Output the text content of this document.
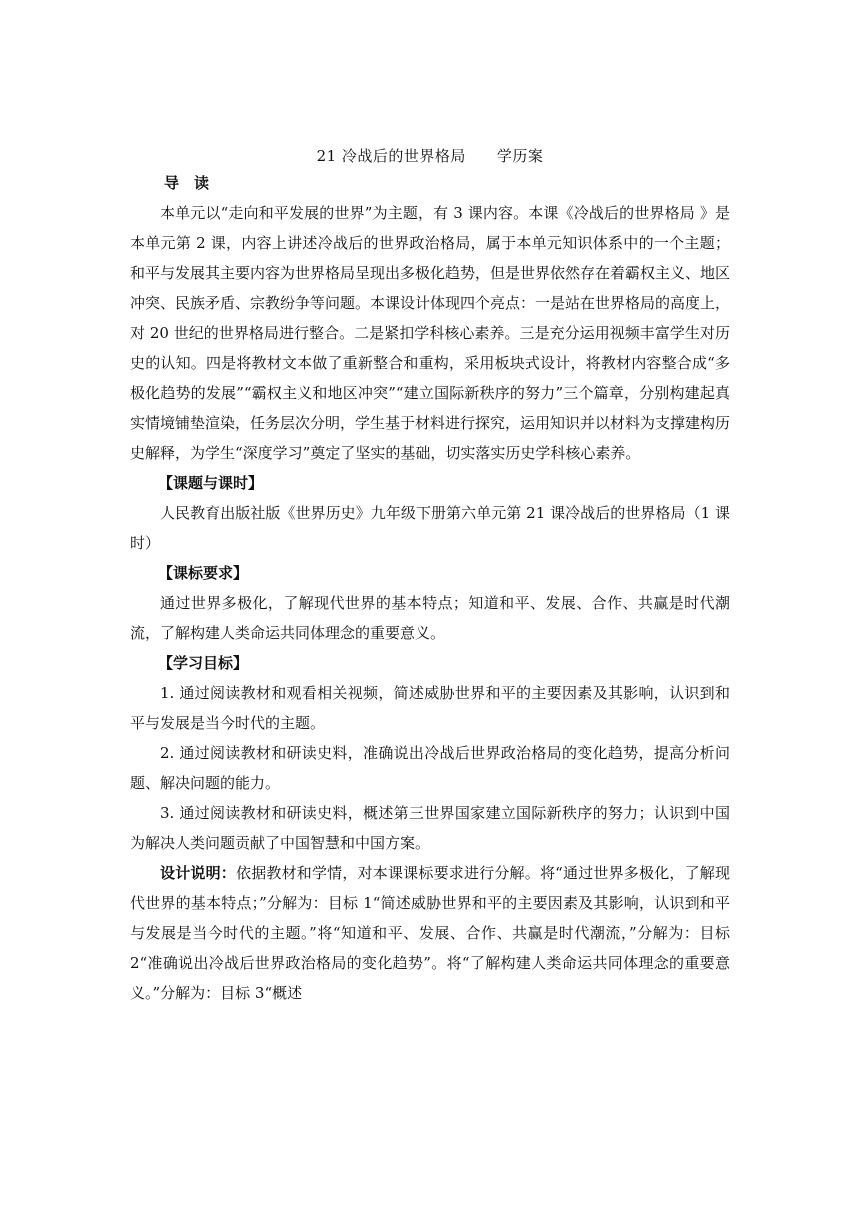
21 冷战后的世界格局　　学历案
导　读

本单元以“走向和平发展的世界”为主题，有 3 课内容。本课《冷战后的世界格局 》是本单元第 2 课，内容上讲述冷战后的世界政治格局，属于本单元知识体系中的一个主题；和平与发展其主要内容为世界格局呈现出多极化趋势，但是世界依然存在着霸权主义、地区冲突、民族矛盾、宗教纷争等问题。本课设计体现四个亮点：一是站在世界格局的高度上，对 20 世纪的世界格局进行整合。二是紧扣学科核心素养。三是充分运用视频丰富学生对历史的认知。四是将教材文本做了重新整合和重构，采用板块式设计，将教材内容整合成“多极化趋势的发展”“霸权主义和地区冲突”“建立国际新秩序的努力”三个篇章，分别构建起真实情境铺垫渲染，任务层次分明，学生基于材料进行探究，运用知识并以材料为支撑建构历史解释，为学生“深度学习”奠定了坚实的基础，切实落实历史学科核心素养。

【课题与课时】

人民教育出版社版《世界历史》九年级下册第六单元第 21 课冷战后的世界格局（1 课时）

【课标要求】

通过世界多极化，了解现代世界的基本特点；知道和平、发展、合作、共赢是时代潮流，了解构建人类命运共同体理念的重要意义。

【学习目标】

1. 通过阅读教材和观看相关视频，简述威胁世界和平的主要因素及其影响，认识到和平与发展是当今时代的主题。

2. 通过阅读教材和研读史料，准确说出冷战后世界政治格局的变化趋势，提高分析问题、解决问题的能力。

3. 通过阅读教材和研读史料，概述第三世界国家建立国际新秩序的努力；认识到中国为解决人类问题贡献了中国智慧和中国方案。

设计说明：依据教材和学情，对本课课标要求进行分解。将“通过世界多极化，了解现代世界的基本特点；”分解为：目标 1“简述威胁世界和平的主要因素及其影响，认识到和平与发展是当今时代的主题。”将“知道和平、发展、合作、共赢是时代潮流，”分解为：目标 2“准确说出冷战后世界政治格局的变化趋势”。将“了解构建人类命运共同体理念的重要意义。”分解为：目标 3“概述
